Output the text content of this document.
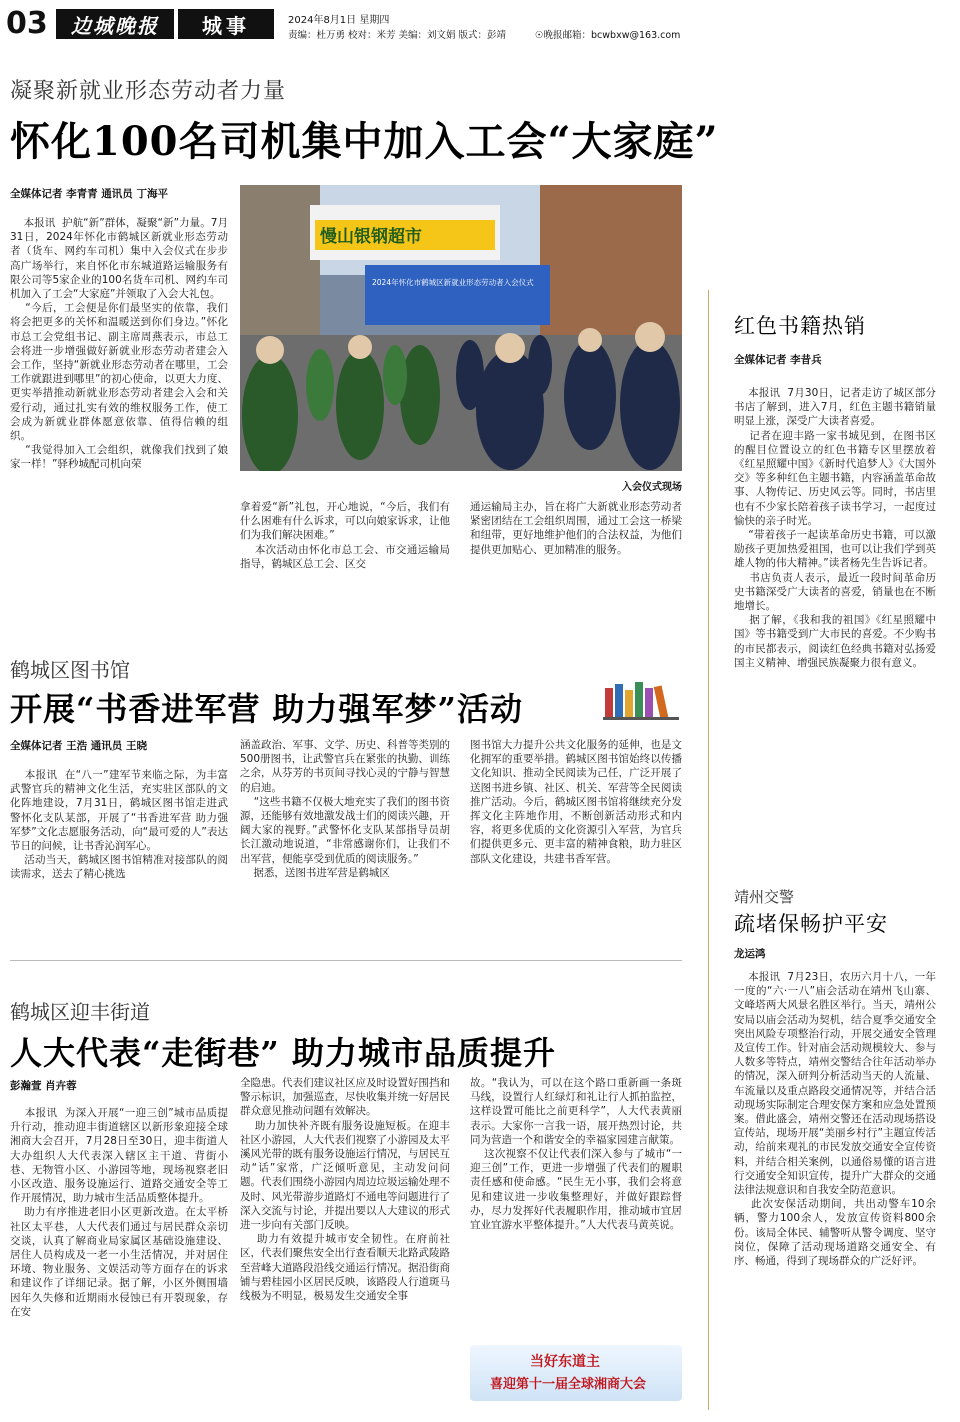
03	边城晚报	城事	2024年8月1日 星期四
责编：杜万勇 校对：米芳 美编：刘文娟 版式：彭靖	☉晚报邮箱：bcwbxw@163.com
凝聚新就业形态劳动者力量
怀化100名司机集中加入工会“大家庭”
全媒体记者 李青青 通讯员 丁海平
本报讯  护航“新”群体，凝聚“新”力量。7月31日，2024年怀化市鹤城区新就业形态劳动者（货车、网约车司机）集中入会仪式在步步高广场举行，来自怀化市东城道路运输服务有限公司等5家企业的100名货车司机、网约车司机加入了工会“大家庭”并领取了入会大礼包。
“今后，工会便是你们最坚实的依靠，我们将会把更多的关怀和温暖送到你们身边。”怀化市总工会党组书记、副主席周燕表示，市总工会将进一步增强做好新就业形态劳动者建会入会工作，坚持“新就业形态劳动者在哪里，工会工作就跟进到哪里”的初心使命，以更大力度、更实举措推动新就业形态劳动者建会入会和关爱行动，通过扎实有效的维权服务工作，使工会成为新就业群体愿意依靠、值得信赖的组织。
“我觉得加入工会组织，就像我们找到了娘家一样！”驿秒城配司机向荣
慢山银钢超市
2024年怀化市鹤城区新就业形态劳动者入会仪式
入会仪式现场
拿着爱“新”礼包，开心地说，“今后，我们有什么困难有什么诉求，可以向娘家诉求，让他们为我们解决困难。”
本次活动由怀化市总工会、市交通运输局指导，鹤城区总工会、区交
通运输局主办，旨在将广大新就业形态劳动者紧密团结在工会组织周围，通过工会这一桥梁和纽带，更好地维护他们的合法权益，为他们提供更加贴心、更加精准的服务。
红色书籍热销
全媒体记者 李昔兵
本报讯  7月30日，记者走访了城区部分书店了解到，进入7月，红色主题书籍销量明显上涨，深受广大读者喜爱。
记者在迎丰路一家书城见到，在图书区的醒目位置设立的红色书籍专区里摆放着《红星照耀中国》《新时代追梦人》《大国外交》等多种红色主题书籍，内容涵盖革命故事、人物传记、历史风云等。同时，书店里也有不少家长陪着孩子读书学习，一起度过愉快的亲子时光。
“带着孩子一起读革命历史书籍，可以激励孩子更加热爱祖国，也可以让我们学到英雄人物的伟大精神。”读者杨先生告诉记者。
书店负责人表示，最近一段时间革命历史书籍深受广大读者的喜爱，销量也在不断地增长。
据了解，《我和我的祖国》《红星照耀中国》等书籍受到广大市民的喜爱。不少购书的市民都表示，阅读红色经典书籍对弘扬爱国主义精神、增强民族凝聚力很有意义。
靖州交警
疏堵保畅护平安
龙运鸿
本报讯  7月23日，农历六月十八，一年一度的“六·一八”庙会活动在靖州飞山寨、文峰塔两大风景名胜区举行。当天，靖州公安局以庙会活动为契机，结合夏季交通安全突出风险专项整治行动，开展交通安全管理及宣传工作。针对庙会活动规模较大、参与人数多等特点，靖州交警结合往年活动举办的情况，深入研判分析活动当天的人流量、车流量以及重点路段交通情况等，并结合活动现场实际制定合理安保方案和应急处置预案。借此盛会，靖州交警还在活动现场搭设宣传站，现场开展“美丽乡村行”主题宣传活动，给前来观礼的市民发放交通安全宣传资料，并结合相关案例，以通俗易懂的语言进行交通安全知识宣传，提升广大群众的交通法律法规意识和自我安全防范意识。
此次安保活动期间，共出动警车10余辆，警力100余人，发放宣传资料800余份。该局全体民、辅警听从警令调度、坚守岗位，保障了活动现场道路交通安全、有序、畅通，得到了现场群众的广泛好评。
鹤城区图书馆
开展“书香进军营 助力强军梦”活动
全媒体记者 王浩 通讯员 王晓
本报讯  在“八一”建军节来临之际，为丰富武警官兵的精神文化生活，充实驻区部队的文化阵地建设，7月31日，鹤城区图书馆走进武警怀化支队某部，开展了“书香进军营 助力强军梦”文化志愿服务活动，向“最可爱的人”表达节日的问候，让书香沁润军心。
活动当天，鹤城区图书馆精准对接部队的阅读需求，送去了精心挑选
涵盖政治、军事、文学、历史、科普等类别的500册图书，让武警官兵在紧张的执勤、训练之余，从芬芳的书页间寻找心灵的宁静与智慧的启迪。
“这些书籍不仅极大地充实了我们的图书资源，还能够有效地激发战士们的阅读兴趣，开阔大家的视野。”武警怀化支队某部指导员胡长江激动地说道，“非常感谢你们，让我们不出军营，便能享受到优质的阅读服务。”
据悉，送图书进军营是鹤城区
图书馆大力提升公共文化服务的延伸，也是文化拥军的重要举措。鹤城区图书馆始终以传播文化知识、推动全民阅读为己任，广泛开展了送图书进乡镇、社区、机关、军营等全民阅读推广活动。今后，鹤城区图书馆将继续充分发挥文化主阵地作用，不断创新活动形式和内容，将更多优质的文化资源引入军营，为官兵们提供更多元、更丰富的精神食粮，助力驻区部队文化建设，共建书香军营。
鹤城区迎丰街道
人大代表“走街巷” 助力城市品质提升
彭瀚萱 肖卉蓉
本报讯  为深入开展“一迎三创”城市品质提升行动，推动迎丰街道辖区以新形象迎接全球湘商大会召开，7月28日至30日，迎丰街道人大办组织人大代表深入辖区主干道、背街小巷、无物管小区、小游园等地，现场视察老旧小区改造、服务设施运行、道路交通安全等工作开展情况，助力城市生活品质整体提升。
助力有序推进老旧小区更新改造。在太平桥社区太平巷，人大代表们通过与居民群众亲切交谈，认真了解商业局家属区基础设施建设、居住人员构成及一老一小生活情况，并对居住环境、物业服务、文娱活动等方面存在的诉求和建议作了详细记录。据了解，小区外侧围墙因年久失修和近期雨水侵蚀已有开裂现象，存在安
全隐患。代表们建议社区应及时设置好围挡和警示标识，加强巡查，尽快收集并统一好居民群众意见推动问题有效解决。
助力加快补齐既有服务设施短板。在迎丰社区小游园，人大代表们视察了小游园及太平溪风光带的既有服务设施运行情况，与居民互动“话”家常，广泛倾听意见，主动发问问题。代表们围绕小游园内周边垃圾运输处理不及时、风光带游步道路灯不通电等问题进行了深入交流与讨论，并提出要以人大建议的形式进一步向有关部门反映。
助力有效提升城市安全韧性。在府前社区，代表们聚焦安全出行查看顺天北路武陵路至营峰大道路段沿线交通运行情况。据沿街商铺与碧桂园小区居民反映，该路段人行道斑马线极为不明显，极易发生交通安全事
故。“我认为，可以在这个路口重新画一条斑马线，设置行人红绿灯和礼让行人抓拍监控，这样设置可能比之前更科学”，人大代表黄丽表示。大家你一言我一语，展开热烈讨论，共同为营造一个和谐安全的幸福家园建言献策。
这次视察不仅让代表们深入参与了城市“一迎三创”工作，更进一步增强了代表们的履职责任感和使命感。“民生无小事，我们会将意见和建议进一步收集整理好，并做好跟踪督办，尽力发挥好代表履职作用，推动城市宜居宜业宜游水平整体提升。”人大代表马黄英说。
当好东道主
喜迎第十一届全球湘商大会
